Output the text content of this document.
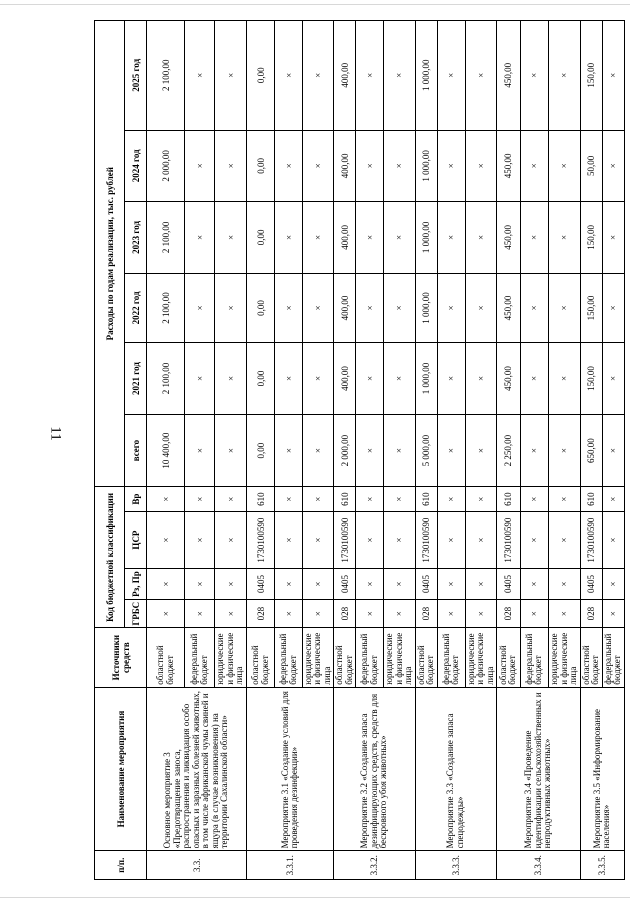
11
п/п.	Наименование мероприятия	Источники средств	Код бюджетной классификации				Расходы по годам реализации, тыс. рублей					
			ГРБС	Рз, Пр	ЦСР	Вр	всего	2021 год	2022 год	2023 год	2024 год	2025 год
3.3.	Основное мероприятие 3 «Предотвращение заноса, распространения и ликвидация особо опасных и заразных болезней животных, в том числе африканской чумы свиней и ящура (в случае возникновения) на территории Сахалинской области»	областной бюджет	×	×	×	×	10 400,00	2 100,00	2 100,00	2 100,00	2 000,00	2 100,00
		федеральный бюджет	×	×	×	×	×	×	×	×	×	×
		юридические и физические лица	×	×	×	×	×	×	×	×	×	×
3.3.1.	Мероприятие 3.1 «Создание условий для проведения дезинфекции»	областной бюджет	028	0405	1730100590	610	0,00	0,00	0,00	0,00	0,00	0,00
		федеральный бюджет	×	×	×	×	×	×	×	×	×	×
		юридические и физические лица	×	×	×	×	×	×	×	×	×	×
3.3.2.	Мероприятие 3.2 «Создание запаса дезинфицирующих средств, средств для бескровного убоя животных»	областной бюджет	028	0405	1730100590	610	2 000,00	400,00	400,00	400,00	400,00	400,00
		федеральный бюджет	×	×	×	×	×	×	×	×	×	×
		юридические и физические лица	×	×	×	×	×	×	×	×	×	×
3.3.3.	Мероприятие 3.3 «Создание запаса спецодежды»	областной бюджет	028	0405	1730100590	610	5 000,00	1 000,00	1 000,00	1 000,00	1 000,00	1 000,00
		федеральный бюджет	×	×	×	×	×	×	×	×	×	×
		юридические и физические лица	×	×	×	×	×	×	×	×	×	×
3.3.4.	Мероприятие 3.4 «Проведение идентификации сельскохозяйственных и непродуктивных животных»	областной бюджет	028	0405	1730100590	610	2 250,00	450,00	450,00	450,00	450,00	450,00
		федеральный бюджет	×	×	×	×	×	×	×	×	×	×
		юридические и физические лица	×	×	×	×	×	×	×	×	×	×
3.3.5.	Мероприятие 3.5 «Информирование населения»	областной бюджет	028	0405	1730100590	610	650,00	150,00	150,00	150,00	50,00	150,00
		федеральный бюджет	×	×	×	×	×	×	×	×	×	×
